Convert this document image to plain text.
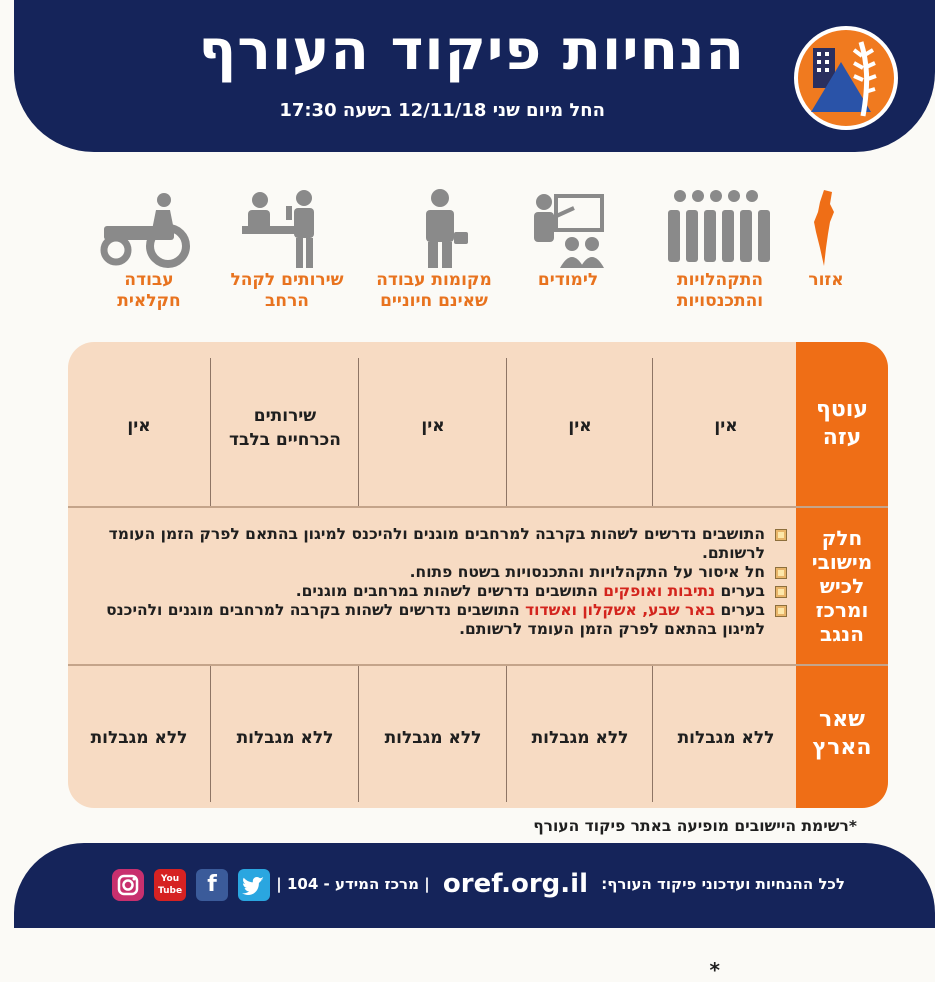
הנחיות פיקוד העורף
החל מיום שני 12/11/18 בשעה 17:30
אזור
התקהלויות
והתכנסויות
לימודים
מקומות עבודה
שאינם חיוניים
שירותים לקהל
הרחב
עבודה
חקלאית
עוטף
עזה
חלק
מישובי
לכיש
ומרכז
הנגב
שאר
הארץ
*
אין
אין
אין
שירותים
הכרחיים בלבד
אין
ללא מגבלות
ללא מגבלות
ללא מגבלות
ללא מגבלות
ללא מגבלות

התושבים נדרשים לשהות בקרבה למרחבים מוגנים ולהיכנס למיגון בהתאם לפרק הזמן העומד לרשותם.

חל איסור על התקהלויות והתכנסויות בשטח פתוח.

בערים נתיבות ואופקים התושבים נדרשים לשהות במרחבים מוגנים.

בערים באר שבע, אשקלון ואשדוד התושבים נדרשים לשהות בקרבה למרחבים מוגנים ולהיכנס למיגון בהתאם לפרק הזמן העומד לרשותם.

*רשימת היישובים מופיעה באתר פיקוד העורף
לכל ההנחיות ועדכוני פיקוד העורף: oref.org.il | מרכז המידע - 104 |
You Tube	f
